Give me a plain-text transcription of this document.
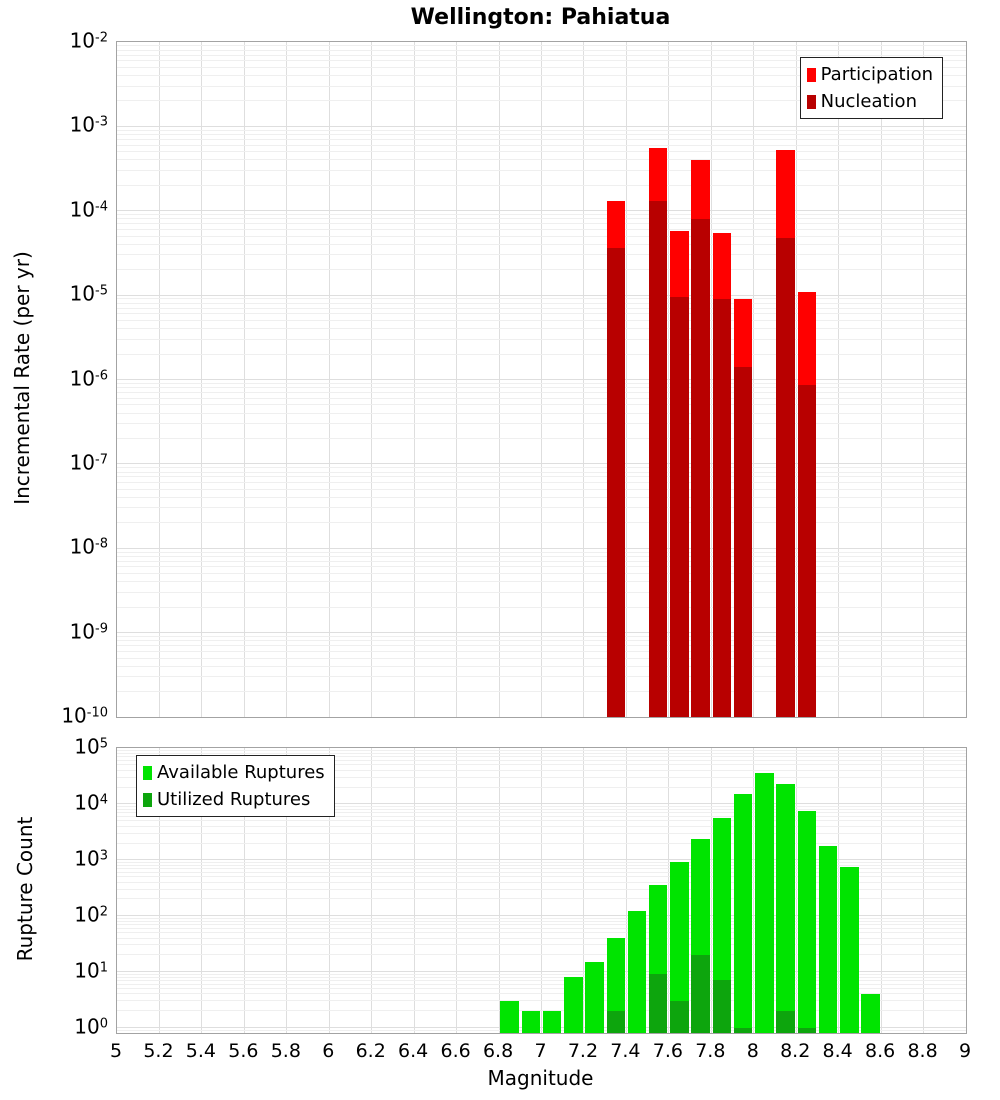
Wellington: Pahiatua
Incremental Rate (per yr)
Rupture Count
Magnitude
$10^{-2}$
$10^{-3}$
$10^{-4}$
$10^{-5}$
$10^{-6}$
$10^{-7}$
$10^{-8}$
$10^{-9}$
$10^{-10}$
Participation
Nucleation
$10^5$
$10^4$
$10^3$
$10^2$
$10^1$
$10^0$
Available Ruptures
Utilized Ruptures
5 5.2 5.4 5.6 5.8 6 6.2 6.4 6.6 6.8 7 7.2 7.4 7.6 7.8 8 8.2 8.4 8.6 8.8 9
